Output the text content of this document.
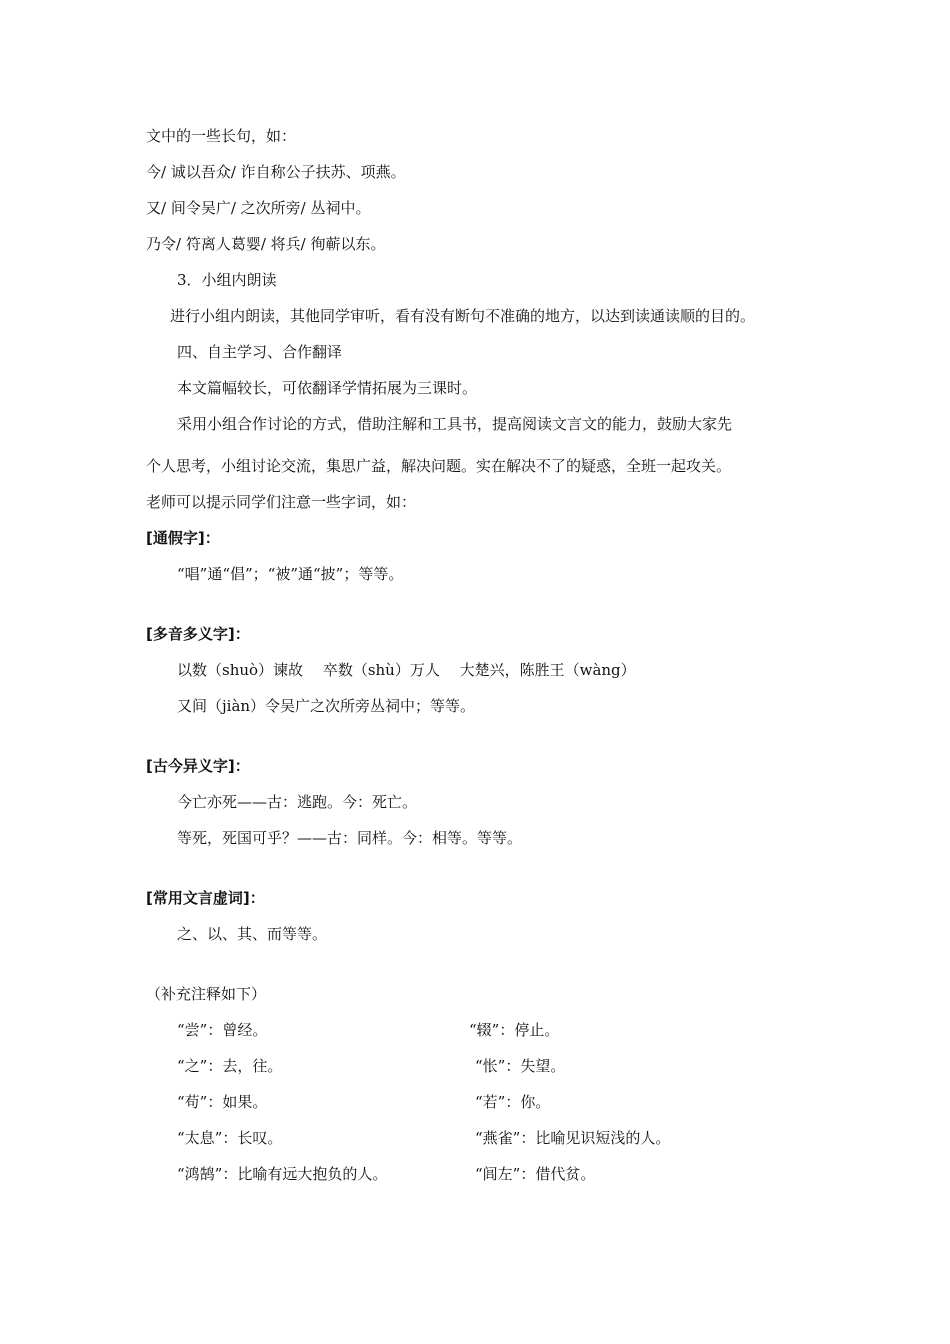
文中的一些长句，如：
今/ 诚以吾众/ 诈自称公子扶苏、项燕。
又/ 间令吴广/ 之次所旁/ 丛祠中。
乃令/ 符离人葛婴/ 将兵/ 徇蕲以东。
3．小组内朗读
进行小组内朗读，其他同学审听，看有没有断句不准确的地方，以达到读通读顺的目的。
四、自主学习、合作翻译
本文篇幅较长，可依翻译学情拓展为三课时。
采用小组合作讨论的方式，借助注解和工具书，提高阅读文言文的能力，鼓励大家先
个人思考，小组讨论交流，集思广益，解决问题。实在解决不了的疑惑，全班一起攻关。
老师可以提示同学们注意一些字词，如：
[通假字]：
“唱”通“倡”；“被”通“披”；等等。
[多音多义字]：
以数（shuò）谏故　 卒数（shù）万人　 大楚兴，陈胜王（wàng）
又间（jiàn）令吴广之次所旁丛祠中；等等。
[古今异义字]：
今亡亦死——古：逃跑。今：死亡。
等死，死国可乎？——古：同样。今：相等。等等。
[常用文言虚词]：
之、以、其、而等等。
（补充注释如下）
“尝”：曾经。	“辍”：停止。
“之”：去，往。	“怅”：失望。
“苟”：如果。	“若”：你。
“太息”：长叹。	“燕雀”：比喻见识短浅的人。
“鸿鹄”：比喻有远大抱负的人。	“闾左”：借代贫。
